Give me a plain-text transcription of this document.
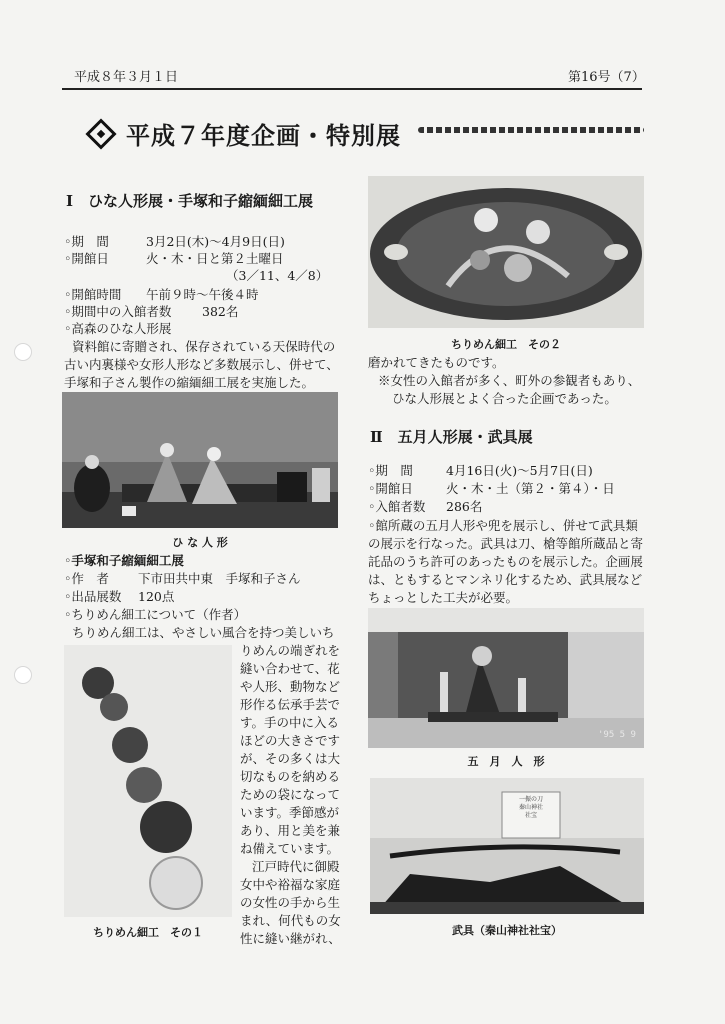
平成８年３月１日	第16号（7）
平成７年度企画・特別展
Ⅰ　ひな人形展・手塚和子縮緬細工展
◦期　間	3月2日(木)〜4月9日(日)
◦開館日	火・木・日と第２土曜日
（3／11、4／8）
◦開館時間 午前９時〜午後４時
◦期間中の入館者数 382名
◦高森のひな人形展
資料館に寄贈され、保存されている天保時代の
古い内裏様や女形人形など多数展示し、併せて、
手塚和子さん製作の縮緬細工展を実施した。
ひ な 人 形
◦手塚和子縮緬細工展
◦作　者 下市田共中東　手塚和子さん
◦出品展数 120点
◦ちりめん細工について（作者）
ちりめん細工は、やさしい風合を持つ美しいち
ちりめん細工　その１
りめんの端ぎれを
縫い合わせて、花
や人形、動物など
形作る伝承手芸で
す。手の中に入る
ほどの大きさです
が、その多くは大
切なものを納める
ための袋になって
います。季節感が
あり、用と美を兼
ね備えています。
江戸時代に御殿
女中や裕福な家庭
の女性の手から生
まれ、何代もの女
性に縫い継がれ、
ちりめん細工　その２
磨かれてきたものです。
※女性の入館者が多く、町外の参観者もあり、
ひな人形展とよく合った企画であった。
Ⅱ　五月人形展・武具展
◦期　間	4月16日(火)〜5月7日(日)
◦開館日	火・木・土（第２・第４）・日
◦入館者数 286名
◦館所蔵の五月人形や兜を展示し、併せて武具類
の展示を行なった。武具は刀、槍等館所蔵品と寄
託品のうち許可のあったものを展示した。企画展
は、ともするとマンネリ化するため、武具展など
ちょっとした工夫が必要。
'95 5 9
五　月　人　形
一振の刀
秦山神社
社宝
武具（秦山神社社宝）
